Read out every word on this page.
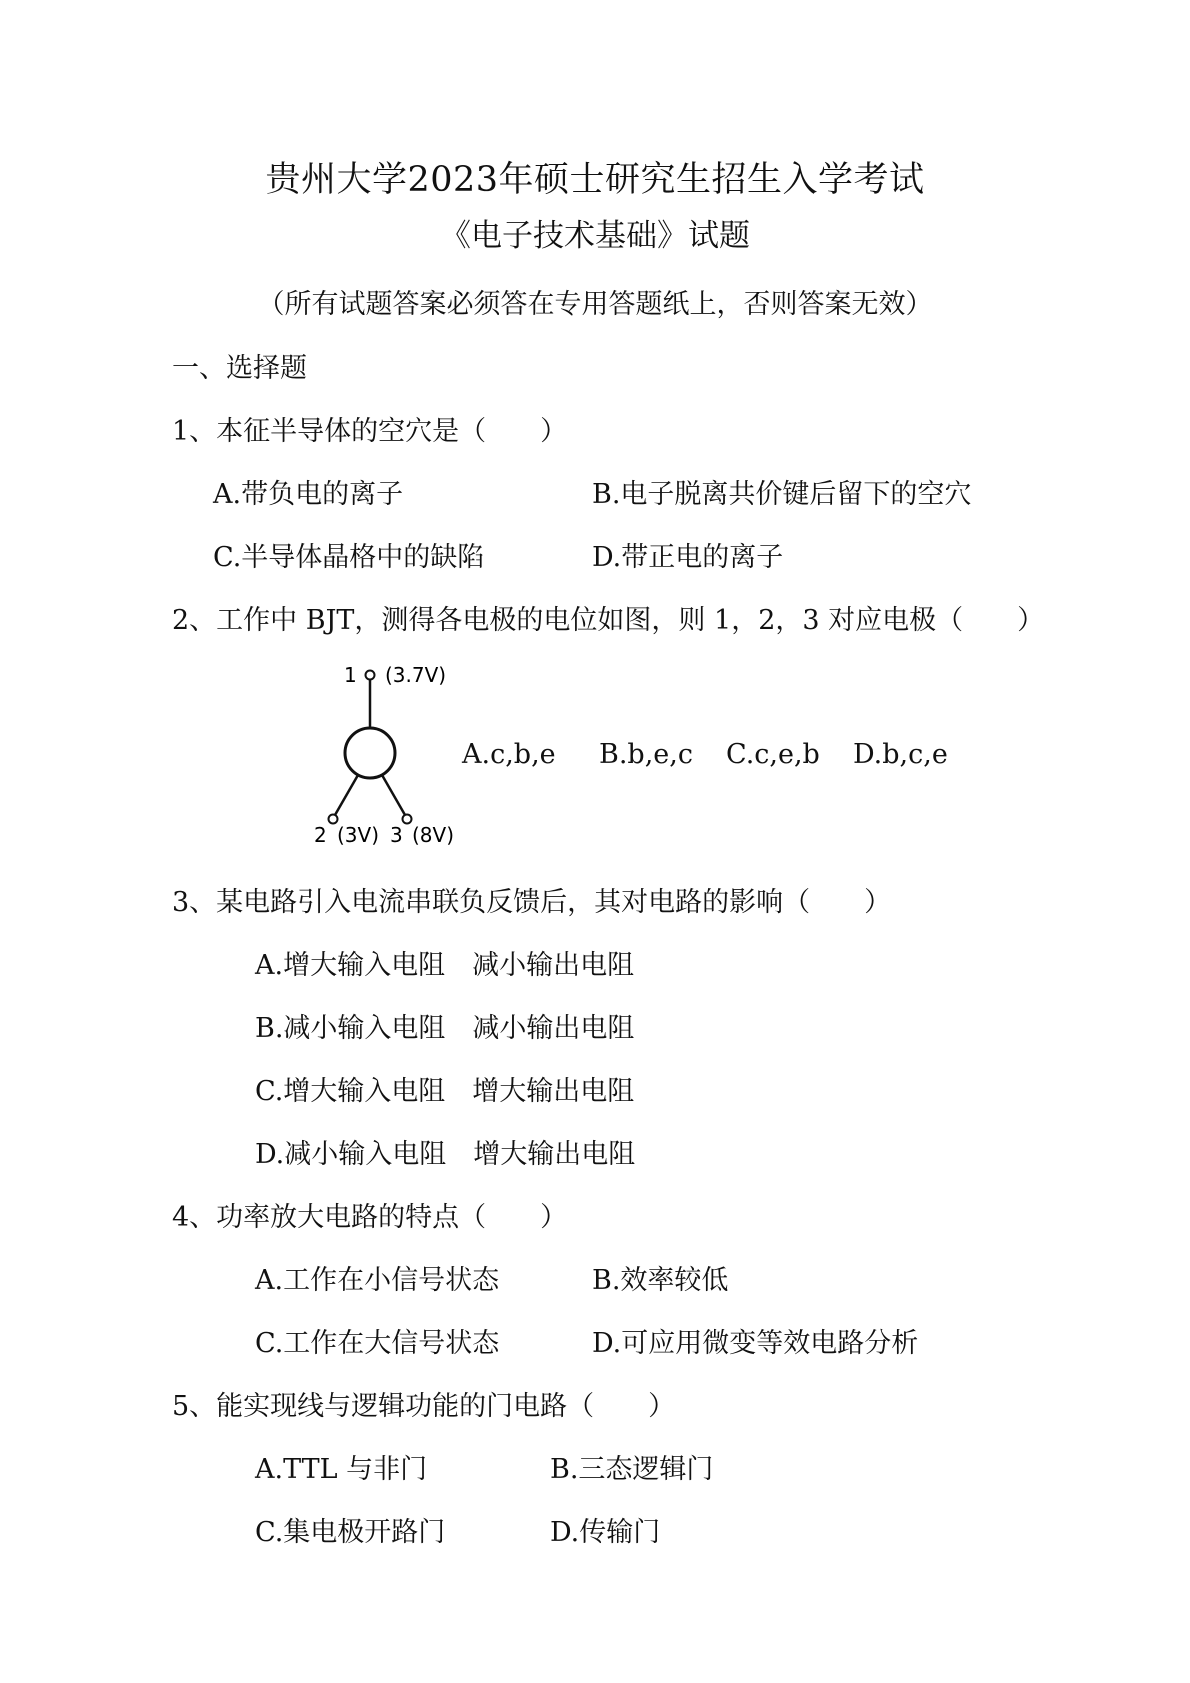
贵州大学2023年硕士研究生招生入学考试
《电子技术基础》试题
（所有试题答案必须答在专用答题纸上，否则答案无效）
一、选择题
1、本征半导体的空穴是（　　）
A.带负电的离子	B.电子脱离共价键后留下的空穴
C.半导体晶格中的缺陷	D.带正电的离子
2、工作中 BJT，测得各电极的电位如图，则 1，2，3 对应电极（　　）
1 (3.7V)
2 (3V) 3 (8V)
A.c,b,e B.b,e,c C.c,e,b D.b,c,e
3、某电路引入电流串联负反馈后，其对电路的影响（　　）
A.增大输入电阻　减小输出电阻
B.减小输入电阻　减小输出电阻
C.增大输入电阻　增大输出电阻
D.减小输入电阻　增大输出电阻
4、功率放大电路的特点（　　）
A.工作在小信号状态	B.效率较低
C.工作在大信号状态	D.可应用微变等效电路分析
5、能实现线与逻辑功能的门电路（　　）
A.TTL 与非门	B.三态逻辑门
C.集电极开路门	D.传输门
